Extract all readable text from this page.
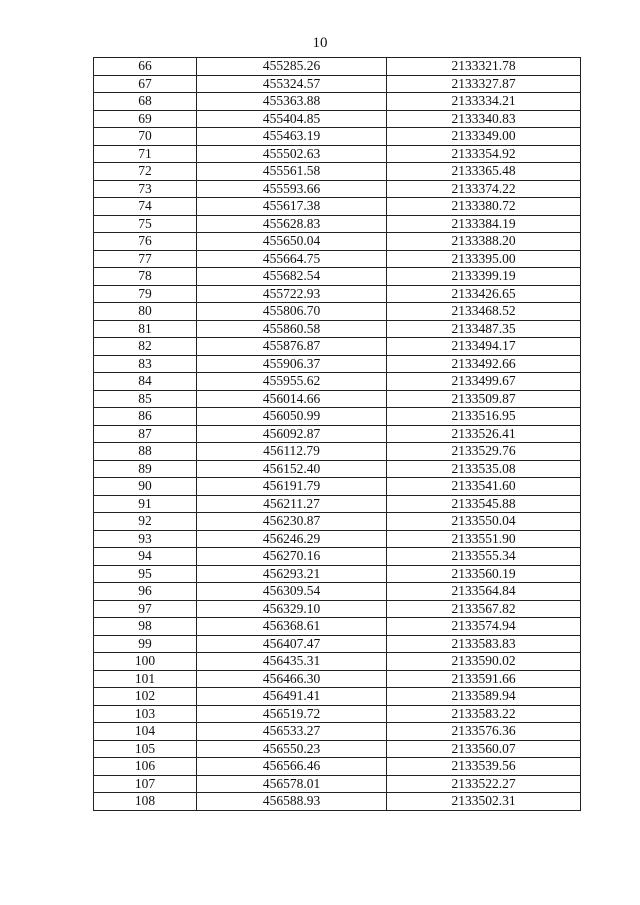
10
66	455285.26	2133321.78
67	455324.57	2133327.87
68	455363.88	2133334.21
69	455404.85	2133340.83
70	455463.19	2133349.00
71	455502.63	2133354.92
72	455561.58	2133365.48
73	455593.66	2133374.22
74	455617.38	2133380.72
75	455628.83	2133384.19
76	455650.04	2133388.20
77	455664.75	2133395.00
78	455682.54	2133399.19
79	455722.93	2133426.65
80	455806.70	2133468.52
81	455860.58	2133487.35
82	455876.87	2133494.17
83	455906.37	2133492.66
84	455955.62	2133499.67
85	456014.66	2133509.87
86	456050.99	2133516.95
87	456092.87	2133526.41
88	456112.79	2133529.76
89	456152.40	2133535.08
90	456191.79	2133541.60
91	456211.27	2133545.88
92	456230.87	2133550.04
93	456246.29	2133551.90
94	456270.16	2133555.34
95	456293.21	2133560.19
96	456309.54	2133564.84
97	456329.10	2133567.82
98	456368.61	2133574.94
99	456407.47	2133583.83
100	456435.31	2133590.02
101	456466.30	2133591.66
102	456491.41	2133589.94
103	456519.72	2133583.22
104	456533.27	2133576.36
105	456550.23	2133560.07
106	456566.46	2133539.56
107	456578.01	2133522.27
108	456588.93	2133502.31
